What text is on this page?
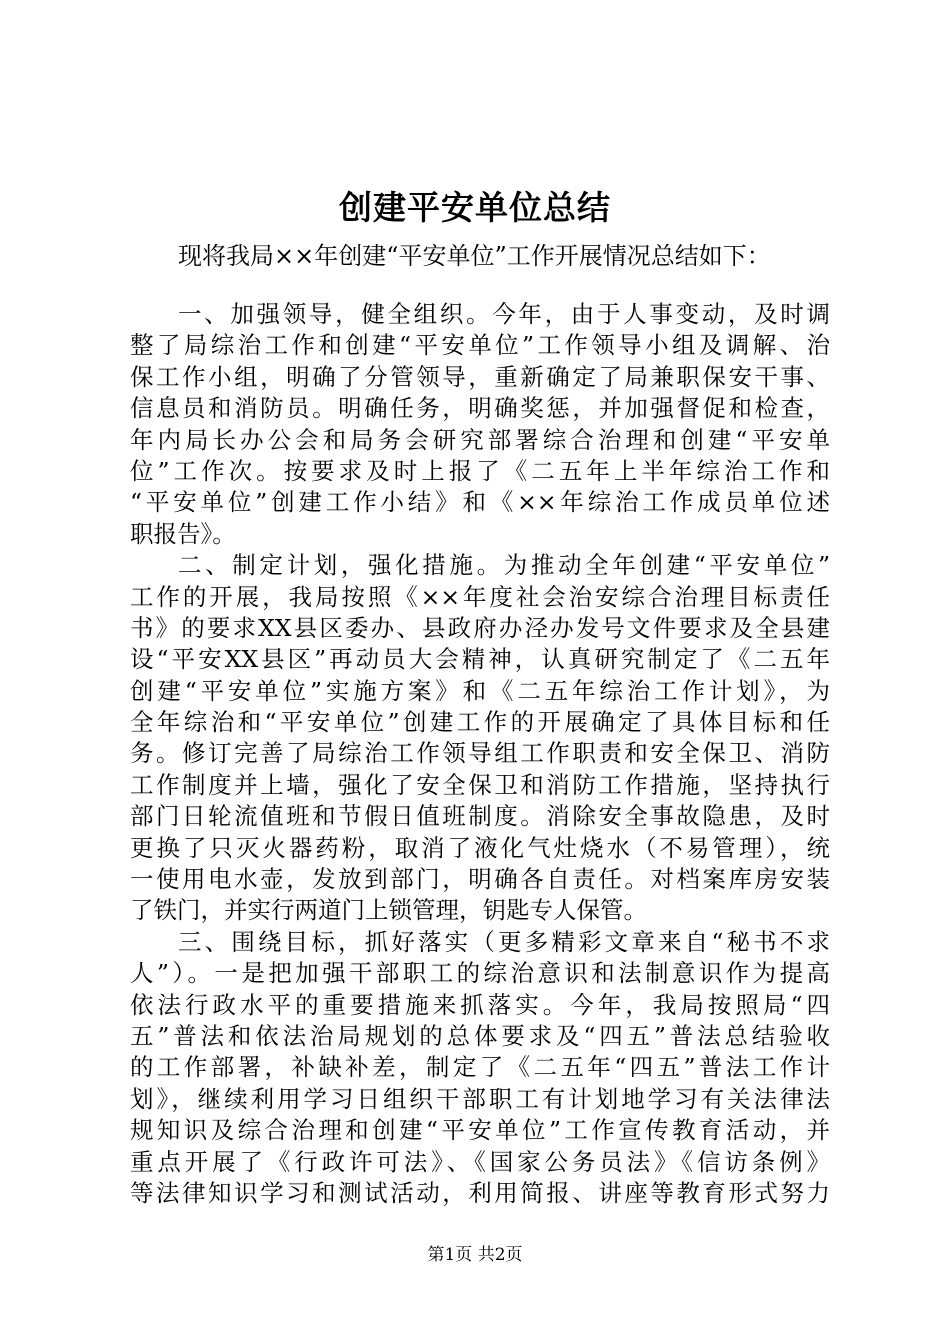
创建平安单位总结
现将我局××年创建“平安单位”工作开展情况总结如下：
一、加强领导，健全组织。今年，由于人事变动，及时调
整了局综治工作和创建“平安单位”工作领导小组及调解、治
保工作小组，明确了分管领导，重新确定了局兼职保安干事、
信息员和消防员。明确任务，明确奖惩，并加强督促和检查，
年内局长办公会和局务会研究部署综合治理和创建“平安单
位”工作次。按要求及时上报了《二五年上半年综治工作和
“平安单位”创建工作小结》和《××年综治工作成员单位述
职报告》。
二、制定计划，强化措施。为推动全年创建“平安单位”
工作的开展，我局按照《××年度社会治安综合治理目标责任
书》的要求XX县区委办、县政府办泾办发号文件要求及全县建
设“平安XX县区”再动员大会精神，认真研究制定了《二五年
创建“平安单位”实施方案》和《二五年综治工作计划》，为
全年综治和“平安单位”创建工作的开展确定了具体目标和任
务。修订完善了局综治工作领导组工作职责和安全保卫、消防
工作制度并上墙，强化了安全保卫和消防工作措施，坚持执行
部门日轮流值班和节假日值班制度。消除安全事故隐患，及时
更换了只灭火器药粉，取消了液化气灶烧水（不易管理），统
一使用电水壶，发放到部门，明确各自责任。对档案库房安装
了铁门，并实行两道门上锁管理，钥匙专人保管。
三、围绕目标，抓好落实（更多精彩文章来自“秘书不求
人”）。一是把加强干部职工的综治意识和法制意识作为提高
依法行政水平的重要措施来抓落实。今年，我局按照局“四
五”普法和依法治局规划的总体要求及“四五”普法总结验收
的工作部署，补缺补差，制定了《二五年“四五”普法工作计
划》，继续利用学习日组织干部职工有计划地学习有关法律法
规知识及综合治理和创建“平安单位”工作宣传教育活动，并
重点开展了《行政许可法》、《国家公务员法》《信访条例》
等法律知识学习和测试活动，利用简报、讲座等教育形式努力
第1页 共2页
